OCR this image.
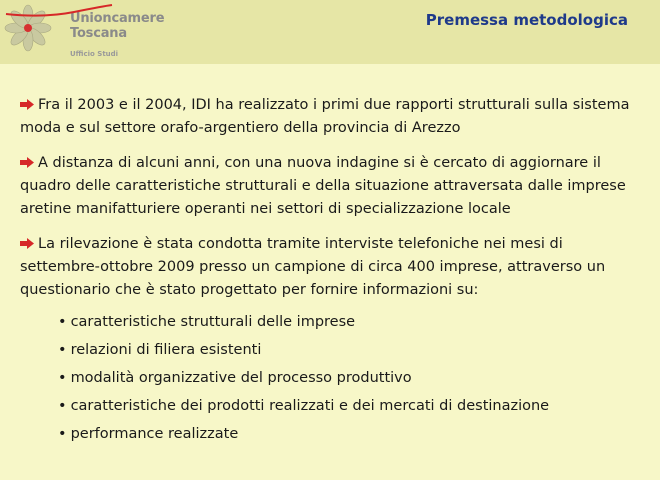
Unioncamere
Toscana
Ufficio Studi
Premessa metodologica

Fra il 2003 e il 2004, IDI ha realizzato i primi due rapporti strutturali sulla sistema moda e sul settore orafo-argentiero della provincia di Arezzo

A distanza di alcuni anni, con una nuova indagine si è cercato di aggiornare il quadro delle caratteristiche strutturali e della situazione attraversata dalle imprese aretine manifatturiere operanti nei settori di specializzazione locale

La rilevazione è stata condotta tramite interviste telefoniche nei mesi di settembre-ottobre 2009 presso un campione di circa 400 imprese, attraverso un questionario che è stato progettato per fornire informazioni su:

• caratteristiche strutturali delle imprese
• relazioni di filiera esistenti
• modalità organizzative del processo produttivo
• caratteristiche dei prodotti realizzati e dei mercati di destinazione
• performance realizzate
